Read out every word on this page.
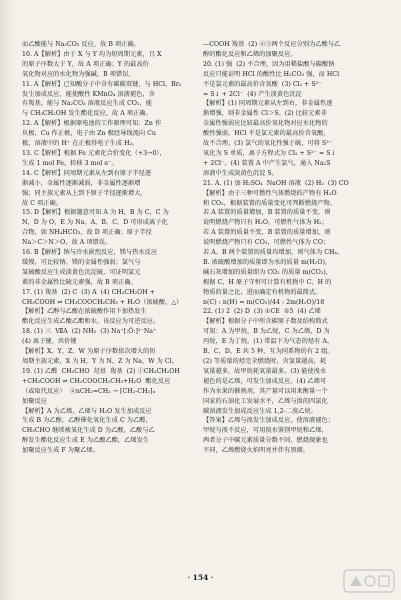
而乙酸能与 Na₂CO₃ 反应，故 B 项正确。

10. A【解析】由于 X 与 Y 均为短周期元素，且 X

的原子序数大于 Y，故 A 项正确；Y 的最高价

氧化物对应的水化物为强碱，B 项错误。

11. A【解析】已知酸分子中含有碳碳双键，与 HCl、Br₂

发生加成反应，能使酸性 KMnO₄ 溶液褪色，含

有羧基，能与 Na₂CO₃ 溶液反应生成 CO₂，能

与 CH₃CH₂OH 发生酯化反应，故 A 项正确。

12. A【解析】根据原电池的工作原理可知：Zn 作

负极，Cu 作正极，电子由 Zn 极经导线流向 Cu

极，溶液中的 H⁺ 在正极得电子生成 H₂。

13. C【解析】根据 Fe 元素化合价变化（+3→0），

生成 1 mol Fe，转移 3 mol e⁻。

14. C【解析】同周期元素从左到右原子半径逐

渐减小，金属性逐渐减弱，非金属性逐渐增

强；同主族元素从上到下原子半径逐渐增大，

故 C 项正确。

15. D【解析】根据题意可知 A 为 H，B 为 C，C 为

N，D 为 O，E 为 Na。A、B、C、D 可形成离子化

合物，如 NH₄HCO₃，故 D 项正确；原子半径

Na＞C＞N＞O，故 A 项错误。

16. B【解析】钠与冷水剧烈反应，镁与热水反应

缓慢，可比较钠、镁的金属性强弱；氯气与

氢硫酸反应生成淡黄色沉淀硫，可证明氯元

素的非金属性比硫元素强，故 B 项正确。

17. (1) 羧基  (2) C  (3) A  (4) CH₃CH₂OH +

CH₃COOH ⇌ CH₃COOCH₂CH₃ + H₂O（浓硫酸，△）

【解析】乙醇与乙酸在浓硫酸作用下加热发生

酯化反应生成乙酸乙酯和水，该反应为可逆反应。

18. (1) 三  ⅦA  (2) NH₃  (3) Na⁺[:Ö:]²⁻Na⁺

(4) 离子键、共价键

【解析】X、Y、Z、W 为原子序数依次增大的短

周期主族元素，X 为 H，Y 为 N，Z 为 Na，W 为 Cl。

19. (1) 乙醛  CH₃CHO  羟基  羧基  (2) ①CH₃CH₂OH

+CH₃COOH ⇌ CH₃COOCH₂CH₃+H₂O  酯化反应

（或取代反应）  ②nCH₂=CH₂ → [CH₂-CH₂]ₙ

加聚反应

【解析】A 为乙烯，乙烯与 H₂O 发生加成反应

生成 B 为乙醇，乙醇催化氧化生成 C 为乙醛，

CH₃CHO 继续被氧化生成 D 为乙酸，乙酸与乙

醇发生酯化反应生成 E 为乙酸乙酯，乙烯发生

加聚反应生成 F 为聚乙烯。

—COOH 羧基  (2) ②③两个反应分别为乙酸与乙

醇的酯化反应和乙烯的加聚反应。

20. (1) 强  (2) 不合理，因为用稀盐酸与碳酸钠

反应只能证明 HCl 的酸性比 H₂CO₃ 强，而 HCl

不是氯元素的最高价含氧酸  (3) Cl₂ + S²⁻

= S↓ + 2Cl⁻  (4) 产生淡黄色沉淀

【解析】(1) 同周期元素从左到右，非金属性逐

渐增强，则非金属性 Cl＞S。(2) 比较元素非

金属性强弱应比较最高价氧化物对应水化物的

酸性强弱，HCl 不是氯元素的最高价含氧酸，

故不合理。(3) 氯气的氧化性强于硫，可将 S²⁻

氧化为 S 单质，离子方程式为 Cl₂ + S²⁻ = S↓

+ 2Cl⁻。(4) 装置 A 中产生氯气，通入 Na₂S

溶液中生成淡黄色沉淀 S。

21. A. (1) 加 H₂SO₄  NaOH 溶液  (2) H₂  (3) CO

【解析】由于三种可燃性气体燃烧的产物有 H₂O

和 CO₂，根据装置的质量变化可判断燃烧产物。

若 A 装置的质量增加，B 装置的质量不变，则

说明燃烧产物只有 H₂O，可燃性气体为 H₂；

若 A 装置的质量不变，B 装置的质量增加，则

说明燃烧产物只有 CO₂，可燃性气体为 CO；

若 A、B 两个装置的质量均增加，则气体为 CH₄。

B. 浓硫酸增加的质量即为水的质量 m(H₂O)，

碱石灰增加的质量即为 CO₂ 的质量 m(CO₂)，

根据 C、H 原子守恒可计算有机物中 C、H 的

物质的量之比，进而确定有机物的最简式。

n(C) : n(H) = m(CO₂)/44 : 2m(H₂O)/18

22. (1) 2  (2) D  (3) ①CE  ②5  (4) 乙烯

【解析】根据分子中所含碳原子数及结构简式

可知：A 为甲烷，B 为乙烷，C 为乙烯，D 为

丙烷，E 为丁烷。(1) 常温下为气态的烃有 A、

B、C、D、E 共 5 种，互为同系物的有 2 组。

(2) 等质量的烃完全燃烧时，含氢量越高，耗

氧量越多，故甲烷耗氧量最多。(3) 能使溴水

褪色的是乙烯，可发生加成反应。(4) 乙烯可

作为水果的催熟剂，其产量可以用来衡量一个

国家的石油化工发展水平，乙烯与溴的四氯化

碳溶液发生加成反应生成 1,2-二溴乙烷。

【答案】乙烯与溴发生加成反应，使溶液褪色；

甲烷与溴不反应，可用溴水鉴别甲烷和乙烯，

两者分子中碳元素质量分数不同，燃烧现象也

不同，乙烯燃烧火焰明亮并伴有黑烟。

· 154 ·
